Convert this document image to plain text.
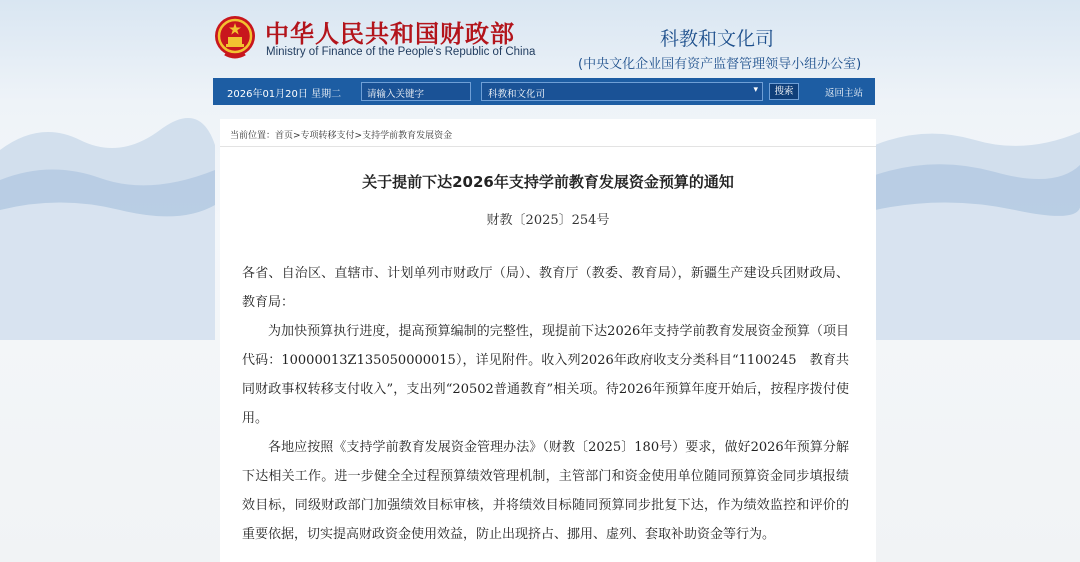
中华人民共和国财政部
Ministry of Finance of the People's Republic of China
科教和文化司
(中央文化企业国有资产监督管理领导小组办公室)
2026年01月20日 星期二	请输入关键字	科教和文化司	▾	搜索	返回主站
当前位置：首页>专项转移支付>支持学前教育发展资金
关于提前下达2026年支持学前教育发展资金预算的通知
财教〔2025〕254号

各省、自治区、直辖市、计划单列市财政厅（局）、教育厅（教委、教育局），新疆生产建设兵团财政局、教育局：

为加快预算执行进度，提高预算编制的完整性，现提前下达2026年支持学前教育发展资金预算（项目代码：10000013Z135050000015），详见附件。收入列2026年政府收支分类科目“1100245　教育共同财政事权转移支付收入”，支出列“20502普通教育”相关项。待2026年预算年度开始后，按程序拨付使用。

各地应按照《支持学前教育发展资金管理办法》（财教〔2025〕180号）要求，做好2026年预算分解下达相关工作。进一步健全全过程预算绩效管理机制，主管部门和资金使用单位随同预算资金同步填报绩效目标，同级财政部门加强绩效目标审核，并将绩效目标随同预算同步批复下达，作为绩效监控和评价的重要依据，切实提高财政资金使用效益，防止出现挤占、挪用、虚列、套取补助资金等行为。
